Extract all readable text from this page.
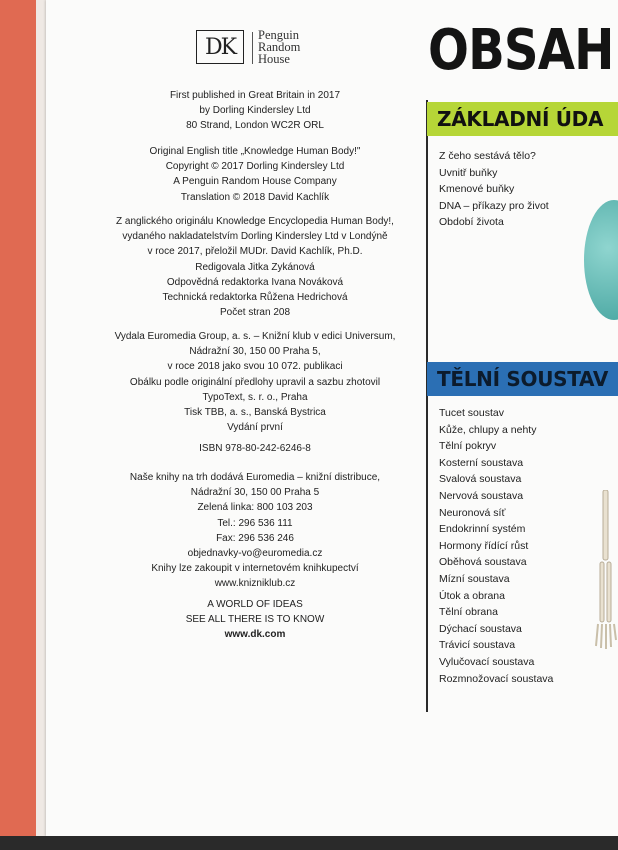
DK Penguin
Random
House

First published in Great Britain in 2017

by Dorling Kindersley Ltd

80 Strand, London WC2R ORL

Original English title „Knowledge Human Body!"

Copyright © 2017 Dorling Kindersley Ltd

A Penguin Random House Company

Translation © 2018 David Kachlík

Z anglického originálu Knowledge Encyclopedia Human Body!,

vydaného nakladatelstvím Dorling Kindersley Ltd v Londýně

v roce 2017, přeložil MUDr. David Kachlík, Ph.D.

Redigovala Jitka Zykánová

Odpovědná redaktorka Ivana Nováková

Technická redaktorka Růžena Hedrichová

Počet stran 208

Vydala Euromedia Group, a. s. – Knižní klub v edici Universum,

Nádražní 30, 150 00 Praha 5,

v roce 2018 jako svou 10 072. publikaci

Obálku podle originální předlohy upravil a sazbu zhotovil

TypoText, s. r. o., Praha

Tisk TBB, a. s., Banská Bystrica

Vydání první

ISBN 978-80-242-6246-8

Naše knihy na trh dodává Euromedia – knižní distribuce,

Nádražní 30, 150 00 Praha 5

Zelená linka: 800 103 203

Tel.: 296 536 111

Fax: 296 536 246

objednavky-vo@euromedia.cz

Knihy lze zakoupit v internetovém knihkupectví

www.knizniklub.cz

A WORLD OF IDEAS

SEE ALL THERE IS TO KNOW

www.dk.com

OBSAH
ZÁKLADNÍ ÚDA
Z čeho sestává tělo?
Uvnitř buňky
Kmenové buňky
DNA – příkazy pro život
Období života
TĚLNÍ SOUSTAV
Tucet soustav
Kůže, chlupy a nehty
Tělní pokryv
Kosterní soustava
Svalová soustava
Nervová soustava
Neuronová síť
Endokrinní systém
Hormony řídící růst
Oběhová soustava
Mízní soustava
Útok a obrana
Tělní obrana
Dýchací soustava
Trávicí soustava
Vylučovací soustava
Rozmnožovací soustava
